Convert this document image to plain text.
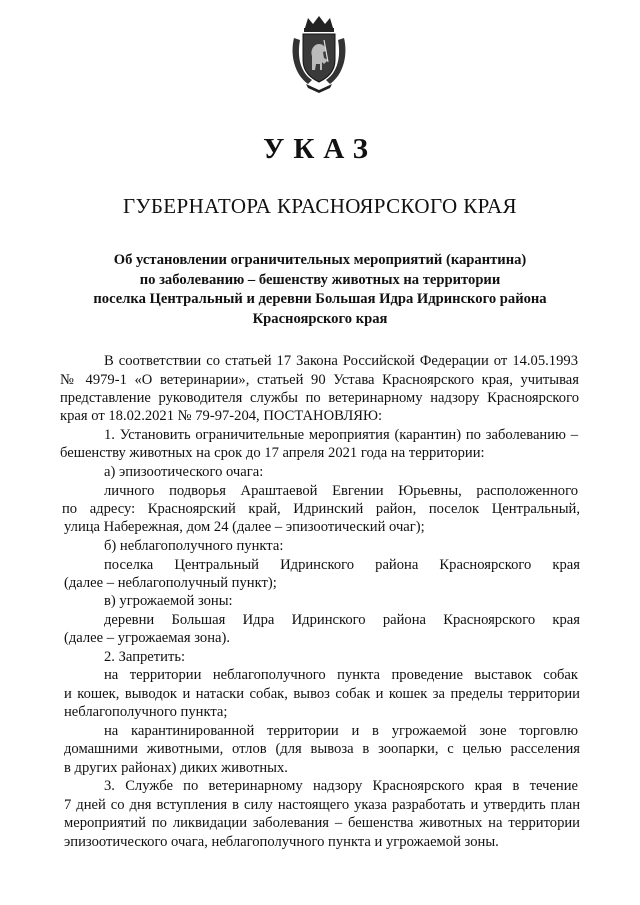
УКАЗ
ГУБЕРНАТОРА КРАСНОЯРСКОГО КРАЯ
Об установлении ограничительных мероприятий (карантина)
по заболеванию – бешенству животных на территории
поселка Центральный и деревни Большая Идра Идринского района
Красноярского края
В соответствии со статьей 17 Закона Российской Федерации от 14.05.1993
№ 4979-1 «О ветеринарии», статьей 90 Устава Красноярского края, учитывая
представление руководителя службы по ветеринарному надзору Красноярского
края от 18.02.2021 № 79-97-204, ПОСТАНОВЛЯЮ:
1. Установить ограничительные мероприятия (карантин) по заболеванию –
бешенству животных на срок до 17 апреля 2021 года на территории:
а) эпизоотического очага:
личного подворья Араштаевой Евгении Юрьевны, расположенного
по адресу: Красноярский край, Идринский район, поселок Центральный,
улица Набережная, дом 24 (далее – эпизоотический очаг);
б) неблагополучного пункта:
поселка Центральный Идринского района Красноярского края
(далее – неблагополучный пункт);
в) угрожаемой зоны:
деревни Большая Идра Идринского района Красноярского края
(далее – угрожаемая зона).
2. Запретить:
на территории неблагополучного пункта проведение выставок собак
и кошек, выводок и натаски собак, вывоз собак и кошек за пределы территории
неблагополучного пункта;
на карантинированной территории и в угрожаемой зоне торговлю
домашними животными, отлов (для вывоза в зоопарки, с целью расселения
в других районах) диких животных.
3. Службе по ветеринарному надзору Красноярского края в течение
7 дней со дня вступления в силу настоящего указа разработать и утвердить план
мероприятий по ликвидации заболевания – бешенства животных на территории
эпизоотического очага, неблагополучного пункта и угрожаемой зоны.
